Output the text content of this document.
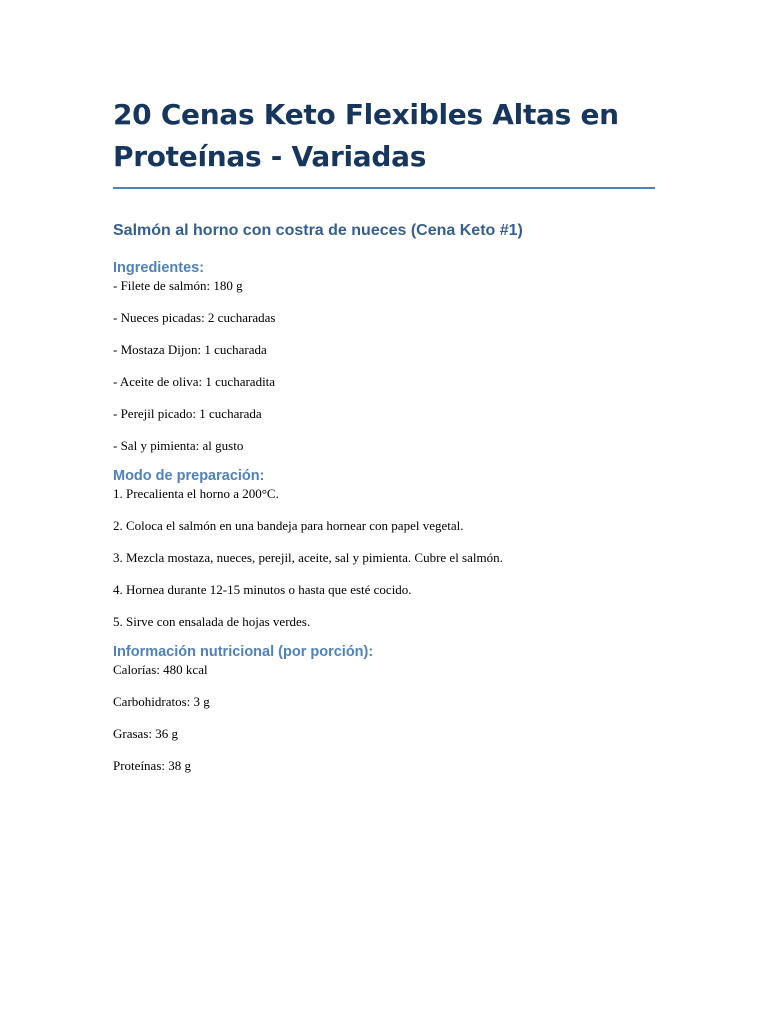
20 Cenas Keto Flexibles Altas en Proteínas - Variadas
Salmón al horno con costra de nueces (Cena Keto #1)
Ingredientes:

- Filete de salmón: 180 g

- Nueces picadas: 2 cucharadas

- Mostaza Dijon: 1 cucharada

- Aceite de oliva: 1 cucharadita

- Perejil picado: 1 cucharada

- Sal y pimienta: al gusto

Modo de preparación:

1. Precalienta el horno a 200°C.

2. Coloca el salmón en una bandeja para hornear con papel vegetal.

3. Mezcla mostaza, nueces, perejil, aceite, sal y pimienta. Cubre el salmón.

4. Hornea durante 12-15 minutos o hasta que esté cocido.

5. Sirve con ensalada de hojas verdes.

Información nutricional (por porción):

Calorías: 480 kcal

Carbohidratos: 3 g

Grasas: 36 g

Proteínas: 38 g
